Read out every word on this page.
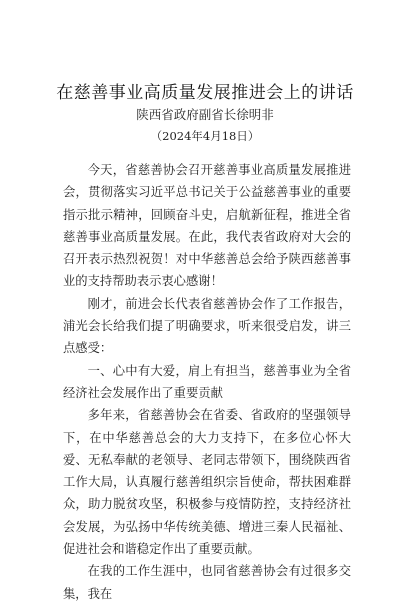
在慈善事业高质量发展推进会上的讲话
陕西省政府副省长徐明非
（2024年4月18日）

今天，省慈善协会召开慈善事业高质量发展推进会，贯彻落实习近平总书记关于公益慈善事业的重要指示批示精神，回顾奋斗史，启航新征程，推进全省慈善事业高质量发展。在此，我代表省政府对大会的召开表示热烈祝贺！对中华慈善总会给予陕西慈善事业的支持帮助表示衷心感谢！

刚才，前进会长代表省慈善协会作了工作报告，浦光会长给我们提了明确要求，听来很受启发，讲三点感受：

一、心中有大爱，肩上有担当，慈善事业为全省经济社会发展作出了重要贡献

多年来，省慈善协会在省委、省政府的坚强领导下，在中华慈善总会的大力支持下，在多位心怀大爱、无私奉献的老领导、老同志带领下，围绕陕西省工作大局，认真履行慈善组织宗旨使命，帮扶困难群众，助力脱贫攻坚，积极参与疫情防控，支持经济社会发展，为弘扬中华传统美德、增进三秦人民福祉、促进社会和谐稳定作出了重要贡献。

在我的工作生涯中，也同省慈善协会有过很多交集，我在
